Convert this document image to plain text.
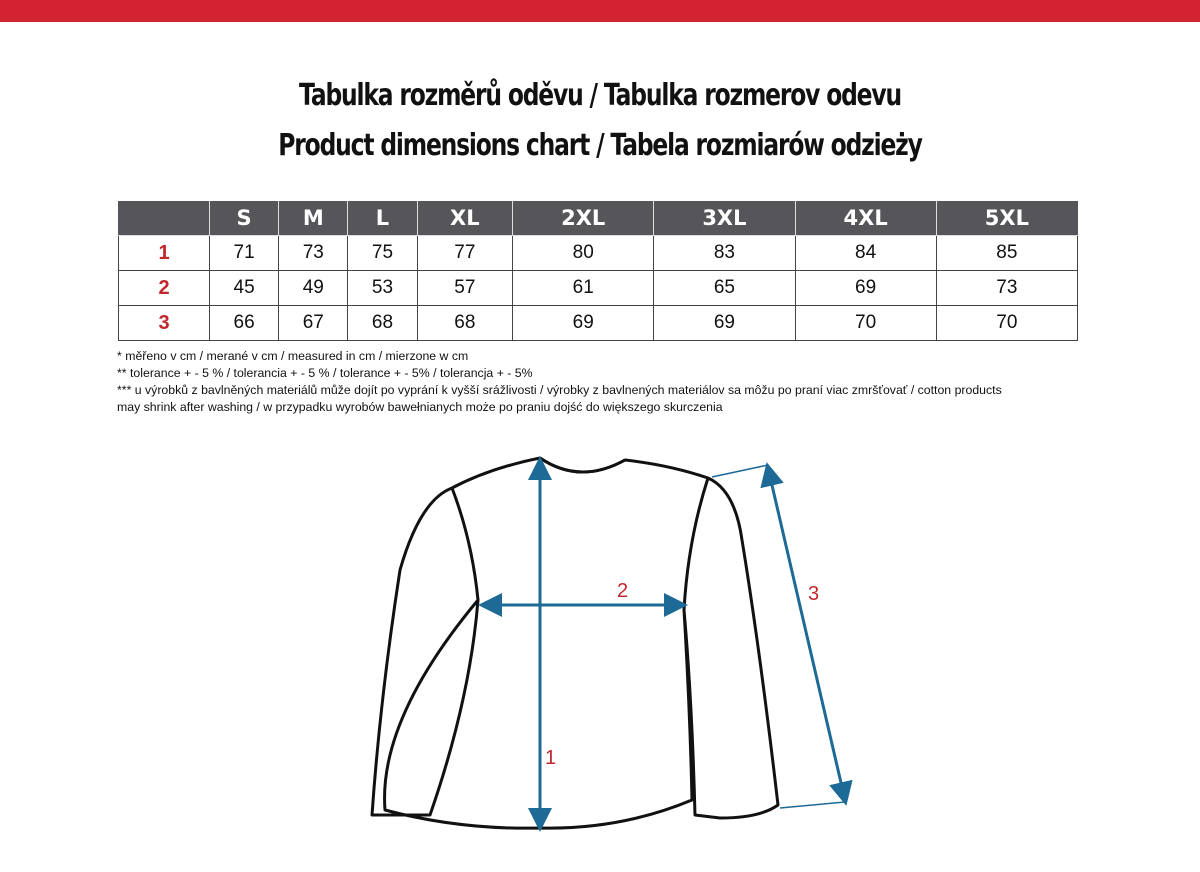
Tabulka rozměrů oděvu / Tabulka rozmerov odevu
Product dimensions chart / Tabela rozmiarów odzieży
	S	M	L	XL	2XL	3XL	4XL	5XL
1	71	73	75	77	80	83	84	85
2	45	49	53	57	61	65	69	73
3	66	67	68	68	69	69	70	70
* měřeno v cm / merané v cm / measured in cm / mierzone w cm
** tolerance + - 5 % / tolerancia + - 5 % / tolerance + - 5% / tolerancja + - 5%
*** u výrobků z bavlněných materiálů může dojít po vyprání k vyšší srážlivosti / výrobky z bavlnených materiálov sa môžu po praní viac zmršťovať / cotton products
may shrink after washing / w przypadku wyrobów bawełnianych może po praniu dojść do większego skurczenia
1
2	3
